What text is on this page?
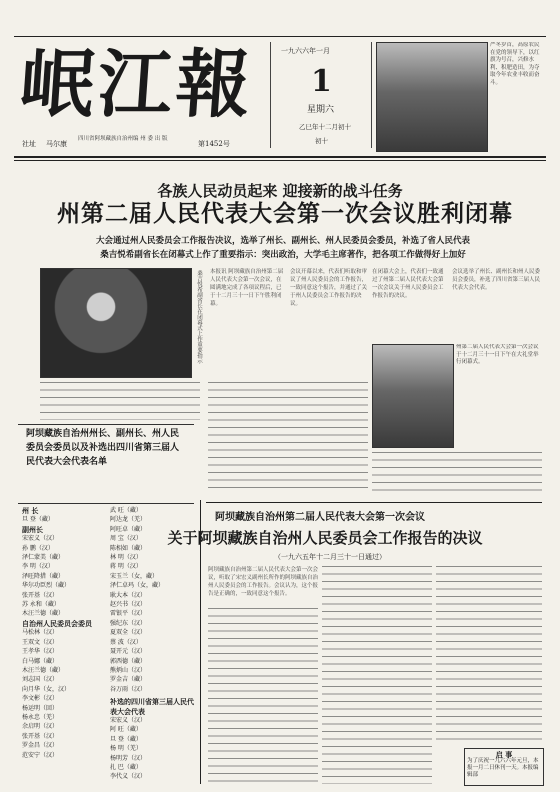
岷江報
社址 马尔康
四川省阿坝藏族自治州编 州 委 出 版
第1452号
一九六六年一月
1
星期六
乙巳年十二月初十
初十
严冬岁首，高原农民在党的领导下，以红旗为号召，兴修水利、积肥造田，为夺取今年农业丰收而奋斗。
各族人民动员起来 迎接新的战斗任务
州第二届人民代表大会第一次会议胜利闭幕
大会通过州人民委员会工作报告决议，选举了州长、副州长、州人民委员会委员，补选了省人民代表
桑吉悦希副省长在闭幕式上作了重要指示：突出政治，大学毛主席著作，把各项工作做得好上加好
桑吉悦希副省长在闭幕式上作重要指示 本报讯 阿坝藏族自治州第二届人民代表大会第一次会议，在圆满地完成了各项议程后，已于十二月三十一日下午胜利闭幕。
会议开幕以来，代表们听取和审议了州人民委员会的工作报告，一致同意这个报告，并通过了关于州人民委员会工作报告的决议。
在闭幕大会上，代表们一致通过了州第二届人民代表大会第一次会议关于州人民委员会工作报告的决议。
会议选举了州长、副州长和州人民委员会委员，补选了四川省第三届人民代表大会代表。
州第二届人民代表大会第一次会议于十二月三十一日下午在大礼堂举行闭幕式。
阿坝藏族自治州州长、副州长、州人民委员会委员以及补选出四川省第三届人民代表大会代表名单
州 长
旦 登（藏）
副州长
宋宏义（汉）
孙 鹏（汉）
泽仁蒙美（藏）
李 明（汉）
泽旺降措（藏）
华尔功臣烈（藏）
张开基（汉）
苏 永和（藏）
木汪兰德（藏）
自治州人民委员会委员
马松林（汉）
王双文（汉）
王孝华（汉）
白马娜（藏）
木汪兰德（藏）
刘志国（汉）
向月华（女，汉）
李文彬（汉）
杨运明（回）
杨永忠（羌）
余启明（汉）
张开基（汉）
罗金昌（汉）
范安宁（汉）
武 旺（藏）
阿达龙（羌）
阿旺卓（藏）
周 宝（汉）
陈相如（藏）
林 明（汉）
蒋 明（汉）
宋玉兰（女，藏）
泽仁卓玛（女，藏）
耿大本（汉）
赵兴书（汉）
雷银平（汉）
强纪东（汉）
夏双全（汉）
蔡 波（汉）
聂开元（汉）
郭西德（藏）
熊炳山（汉）
罗金吉（藏）
谷万雨（汉）
补选的四川省第三届人民代表大会代表
宋宏义（汉）
阿 旺（藏）
旦 登（藏）
杨 明（羌）
杨明芳（汉）
扎 巴（藏）
李代义（汉）
阿坝藏族自治州第二届人民代表大会第一次会议
关于阿坝藏族自治州人民委员会工作报告的决议
（一九六五年十二月三十一日通过）
阿坝藏族自治州第二届人民代表大会第一次会议，听取了宋宏义副州长所作的阿坝藏族自治州人民委员会的工作报告。会议认为，这个报告是正确的，一致同意这个报告。
启 事
为了庆祝一九六六年元旦，本报一月二日休刊一天。本报编辑部
